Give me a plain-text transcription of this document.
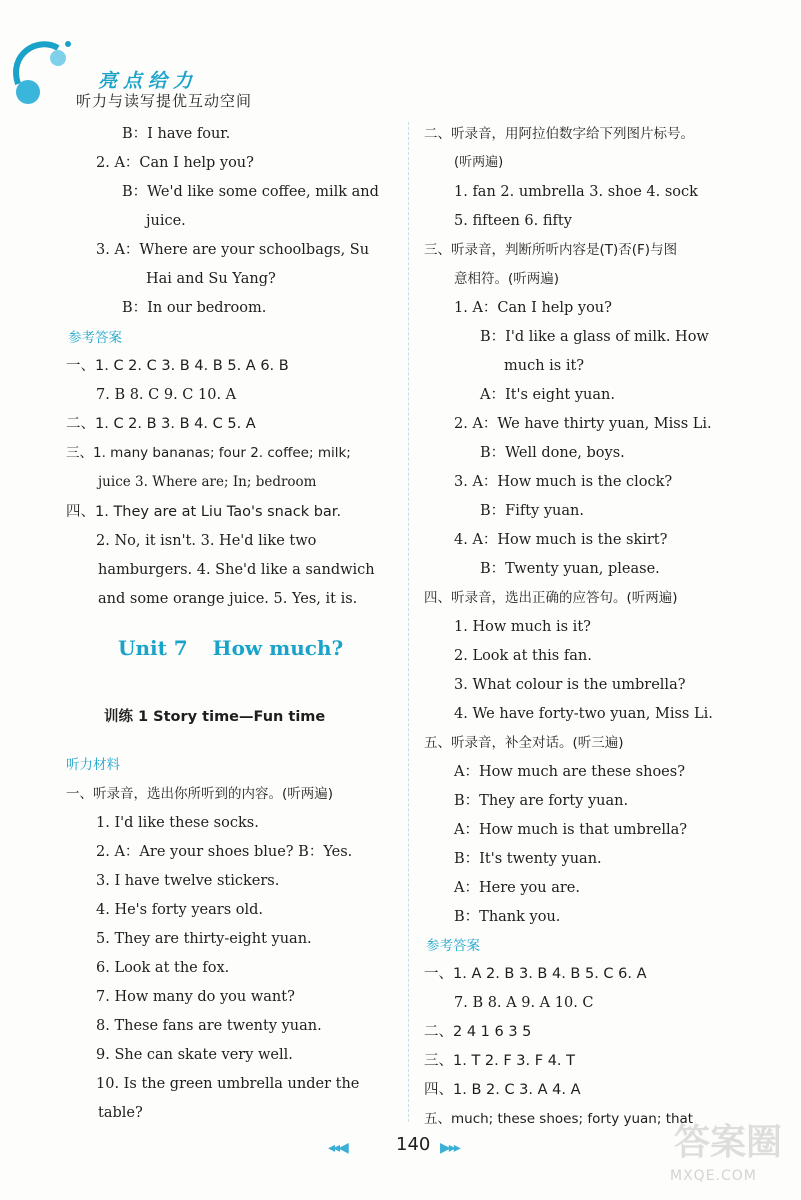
亮点给力
听力与读写提优互动空间
B：I have four.
2. A：Can I help you?
B：We'd like some coffee, milk and
juice.
3. A：Where are your schoolbags, Su
Hai and Su Yang?
B：In our bedroom.
参考答案
一、1. C 2. C 3. B 4. B 5. A 6. B
7. B 8. C 9. C 10. A
二、1. C 2. B 3. B 4. C 5. A
三、1. many bananas; four 2. coffee; milk;
juice 3. Where are; In; bedroom
四、1. They are at Liu Tao's snack bar.
2. No, it isn't. 3. He'd like two
hamburgers. 4. She'd like a sandwich
and some orange juice. 5. Yes, it is.
Unit 7 How much?
训练 1 Story time—Fun time
听力材料
一、听录音，选出你所听到的内容。(听两遍)
1. I'd like these socks.
2. A：Are your shoes blue? B：Yes.
3. I have twelve stickers.
4. He's forty years old.
5. They are thirty-eight yuan.
6. Look at the fox.
7. How many do you want?
8. These fans are twenty yuan.
9. She can skate very well.
10. Is the green umbrella under the
table?
二、听录音，用阿拉伯数字给下列图片标号。
(听两遍)
1. fan 2. umbrella 3. shoe 4. sock
5. fifteen 6. fifty
三、听录音，判断所听内容是(T)否(F)与图
意相符。(听两遍)
1. A：Can I help you?
B：I'd like a glass of milk. How
much is it?
A：It's eight yuan.
2. A：We have thirty yuan, Miss Li.
B：Well done, boys.
3. A：How much is the clock?
B：Fifty yuan.
4. A：How much is the skirt?
B：Twenty yuan, please.
四、听录音，选出正确的应答句。(听两遍)
1. How much is it?
2. Look at this fan.
3. What colour is the umbrella?
4. We have forty-two yuan, Miss Li.
五、听录音，补全对话。(听三遍)
A：How much are these shoes?
B：They are forty yuan.
A：How much is that umbrella?
B：It's twenty yuan.
A：Here you are.
B：Thank you.
参考答案
一、1. A 2. B 3. B 4. B 5. C 6. A
7. B 8. A 9. A 10. C
二、2 4 1 6 3 5
三、1. T 2. F 3. F 4. T
四、1. B 2. C 3. A 4. A
五、much; these shoes; forty yuan; that
◂◂◀	140 ▶▸▸	答案圈
MXQE.COM
